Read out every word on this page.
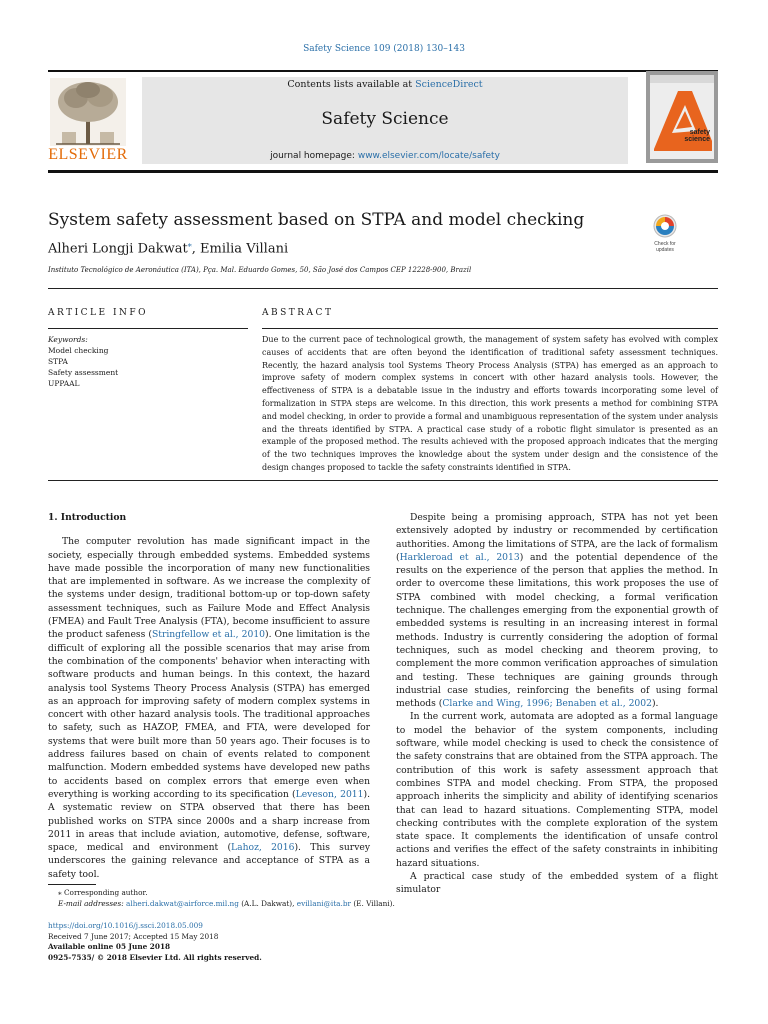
Safety Science 109 (2018) 130–143
ELSEVIER
Contents lists available at ScienceDirect
Safety Science
journal homepage: www.elsevier.com/locate/safety
safety
science
System safety assessment based on STPA and model checking
Check for updates
Alheri Longji Dakwat⁎, Emilia Villani
Instituto Tecnológico de Aeronáutica (ITA), Pça. Mal. Eduardo Gomes, 50, São José dos Campos CEP 12228-900, Brazil
ARTICLE INFO
Keywords:
Model checking
STPA
Safety assessment
UPPAAL
ABSTRACT
Due to the current pace of technological growth, the management of system safety has evolved with complex causes of accidents that are often beyond the identification of traditional safety assessment techniques. Recently, the hazard analysis tool Systems Theory Process Analysis (STPA) has emerged as an approach to improve safety of modern complex systems in concert with other hazard analysis tools. However, the effectiveness of STPA is a debatable issue in the industry and efforts towards incorporating some level of formalization in STPA steps are welcome. In this direction, this work presents a method for combining STPA and model checking, in order to provide a formal and unambiguous representation of the system under analysis and the threats identified by STPA. A practical case study of a robotic flight simulator is presented as an example of the proposed method. The results achieved with the proposed approach indicates that the merging of the two techniques improves the knowledge about the system under design and the consistence of the design changes proposed to tackle the safety constraints identified in STPA.

1. Introduction

The computer revolution has made significant impact in the society, especially through embedded systems. Embedded systems have made possible the incorporation of many new functionalities that are implemented in software. As we increase the complexity of the systems under design, traditional bottom-up or top-down safety assessment techniques, such as Failure Mode and Effect Analysis (FMEA) and Fault Tree Analysis (FTA), become insufficient to assure the product safeness (Stringfellow et al., 2010). One limitation is the difficult of exploring all the possible scenarios that may arise from the combination of the components' behavior when interacting with software products and human beings. In this context, the hazard analysis tool Systems Theory Process Analysis (STPA) has emerged as an approach for improving safety of modern complex systems in concert with other hazard analysis tools. The traditional approaches to safety, such as HAZOP, FMEA, and FTA, were developed for systems that were built more than 50 years ago. Their focuses is to address failures based on chain of events related to component malfunction. Modern embedded systems have developed new paths to accidents based on complex errors that emerge even when everything is working according to its specification (Leveson, 2011). A systematic review on STPA observed that there has been published works on STPA since 2000s and a sharp increase from 2011 in areas that include aviation, automotive, defense, software, space, medical and environment (Lahoz, 2016). This survey underscores the gaining relevance and acceptance of STPA as a safety tool.

Despite being a promising approach, STPA has not yet been extensively adopted by industry or recommended by certification authorities. Among the limitations of STPA, are the lack of formalism (Harkleroad et al., 2013) and the potential dependence of the results on the experience of the person that applies the method. In order to overcome these limitations, this work proposes the use of STPA combined with model checking, a formal verification technique. The challenges emerging from the exponential growth of embedded systems is resulting in an increasing interest in formal methods. Industry is currently considering the adoption of formal techniques, such as model checking and theorem proving, to complement the more common verification approaches of simulation and testing. These techniques are gaining grounds through industrial case studies, reinforcing the benefits of using formal methods (Clarke and Wing, 1996; Benaben et al., 2002).

In the current work, automata are adopted as a formal language to model the behavior of the system components, including software, while model checking is used to check the consistence of the safety constrains that are obtained from the STPA approach. The contribution of this work is safety assessment approach that combines STPA and model checking. From STPA, the proposed approach inherits the simplicity and ability of identifying scenarios that can lead to hazard situations. Complementing STPA, model checking contributes with the complete exploration of the system state space. It complements the identification of unsafe control actions and verifies the effect of the safety constraints in inhibiting hazard situations.

A practical case study of the embedded system of a flight simulator

⁎ Corresponding author.
E-mail addresses: alheri.dakwat@airforce.mil.ng (A.L. Dakwat), evillani@ita.br (E. Villani).
https://doi.org/10.1016/j.ssci.2018.05.009
Received 7 June 2017; Accepted 15 May 2018
Available online 05 June 2018
0925-7535/ © 2018 Elsevier Ltd. All rights reserved.
